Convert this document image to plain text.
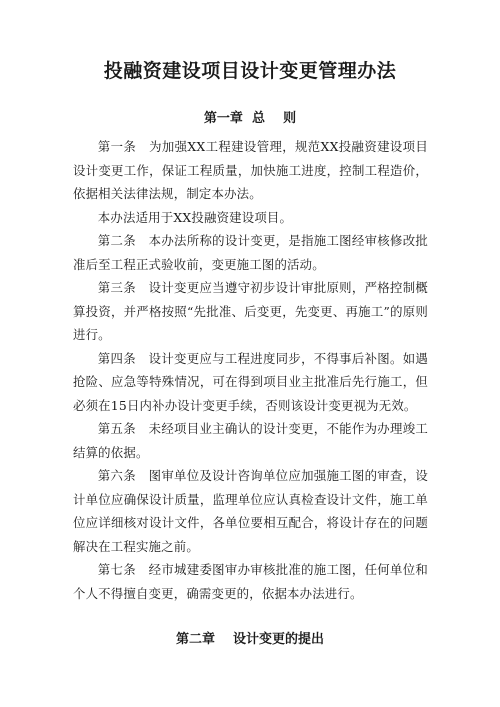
投融资建设项目设计变更管理办法
第一章  总    则

第一条   为加强XX工程建设管理，规范XX投融资建设项目设计变更工作，保证工程质量，加快施工进度，控制工程造价，依据相关法律法规，制定本办法。

本办法适用于XX投融资建设项目。

第二条   本办法所称的设计变更，是指施工图经审核修改批准后至工程正式验收前，变更施工图的活动。

第三条   设计变更应当遵守初步设计审批原则，严格控制概算投资，并严格按照“先批准、后变更，先变更、再施工”的原则进行。

第四条   设计变更应与工程进度同步，不得事后补图。如遇抢险、应急等特殊情况，可在得到项目业主批准后先行施工，但必须在15日内补办设计变更手续，否则该设计变更视为无效。

第五条   未经项目业主确认的设计变更，不能作为办理竣工结算的依据。

第六条   图审单位及设计咨询单位应加强施工图的审查，设计单位应确保设计质量，监理单位应认真检查设计文件，施工单位应详细核对设计文件，各单位要相互配合，将设计存在的问题解决在工程实施之前。

第七条   经市城建委图审办审核批准的施工图，任何单位和个人不得擅自变更，确需变更的，依据本办法进行。

第二章    设计变更的提出
